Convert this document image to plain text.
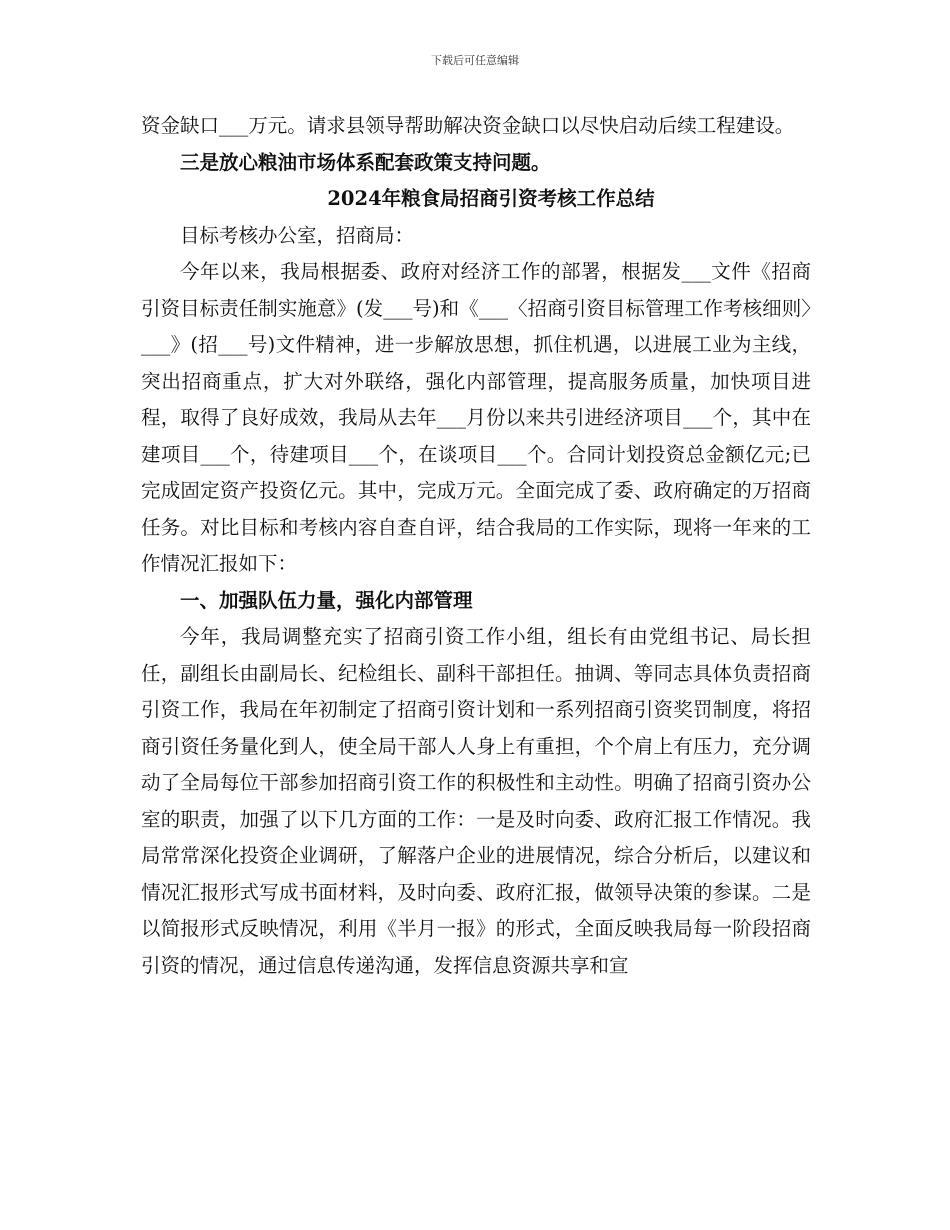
下载后可任意编辑

资金缺口___万元。请求县领导帮助解决资金缺口以尽快启动后续工程建设。

三是放心粮油市场体系配套政策支持问题。

2024年粮食局招商引资考核工作总结

目标考核办公室，招商局：

今年以来，我局根据委、政府对经济工作的部署，根据发___文件《招商引资目标责任制实施意》(发___号)和《___〈招商引资目标管理工作考核细则〉___》(招___号)文件精神，进一步解放思想，抓住机遇，以进展工业为主线，突出招商重点，扩大对外联络，强化内部管理，提高服务质量，加快项目进程，取得了良好成效，我局从去年___月份以来共引进经济项目___个，其中在建项目___个，待建项目___个，在谈项目___个。合同计划投资总金额亿元;已完成固定资产投资亿元。其中，完成万元。全面完成了委、政府确定的万招商任务。对比目标和考核内容自查自评，结合我局的工作实际，现将一年来的工作情况汇报如下：

一、加强队伍力量，强化内部管理

今年，我局调整充实了招商引资工作小组，组长有由党组书记、局长担任，副组长由副局长、纪检组长、副科干部担任。抽调、等同志具体负责招商引资工作，我局在年初制定了招商引资计划和一系列招商引资奖罚制度，将招商引资任务量化到人，使全局干部人人身上有重担，个个肩上有压力，充分调动了全局每位干部参加招商引资工作的积极性和主动性。明确了招商引资办公室的职责，加强了以下几方面的工作：一是及时向委、政府汇报工作情况。我局常常深化投资企业调研，了解落户企业的进展情况，综合分析后，以建议和情况汇报形式写成书面材料，及时向委、政府汇报，做领导决策的参谋。二是以简报形式反映情况，利用《半月一报》的形式，全面反映我局每一阶段招商引资的情况，通过信息传递沟通，发挥信息资源共享和宣
